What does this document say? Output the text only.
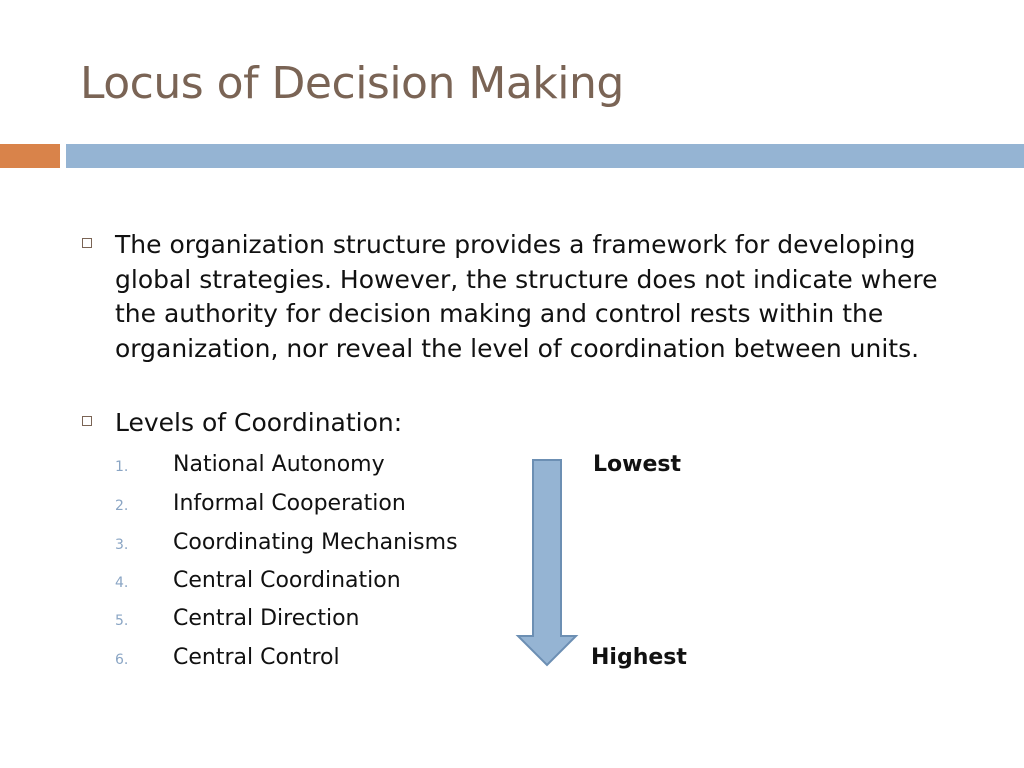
Locus of Decision Making
The organization structure provides a framework for developing global strategies. However, the structure does not indicate where the authority for decision making and control rests within the organization, nor reveal the level of coordination between units.
Levels of Coordination:
1. National Autonomy
2. Informal Cooperation
3. Coordinating Mechanisms
4. Central Coordination
5. Central Direction
6. Central Control
Lowest
Highest
